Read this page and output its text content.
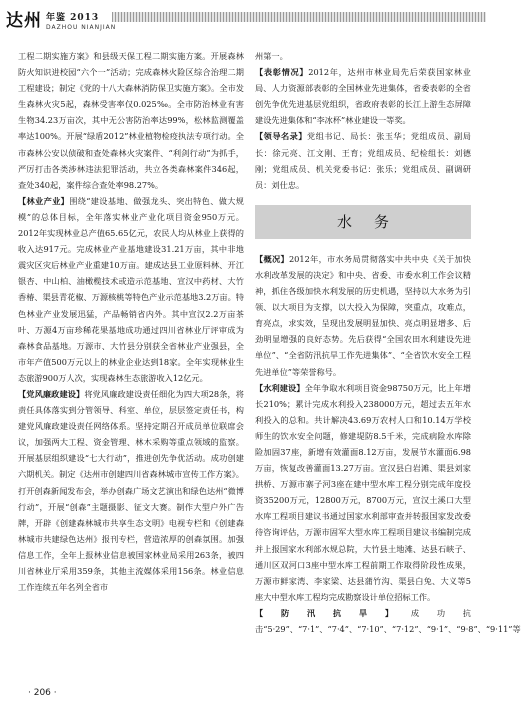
达州 年鉴 2013
DAZHOU NIANJIAN

工程二期实施方案》和县级天保工程二期实施方案。开展森林防火知识进校园“六个一”活动；完成森林火险区综合治理二期工程建设；制定《党的十八大森林消防保卫实施方案》。全市发生森林火灾5起，森林受害率仅0.025‰。全市防治林业有害生物34.23万亩次，其中无公害防治率达99%，松林监测覆盖率达100%。开展“绿盾2012”林业植物检疫执法专项行动。全市森林公安以侦破和查处森林火灾案件、“利剑行动”为抓手，严厉打击各类涉林违法犯罪活动，共立各类森林案件346起，查处340起，案件综合查处率98.27%。

【林业产业】围绕“建设基地、做强龙头、突出特色、做大规模”的总体目标，全年落实林业产业化项目资金950万元。2012年实现林业总产值65.65亿元，农民人均从林业上获得的收入达917元。完成林业产业基地建设31.21万亩，其中非地震灾区灾后林业产业重建10万亩。建成达县工业原料林、开江银杏、中山柏、油橄榄技术或造示范基地、宣汉中药材、大竹香椿、渠县青花椒、万源核桃等特色产业示范基地3.2万亩。特色林业产业发展迅猛，产品畅销省内外。其中宣汉2.2万亩茶叶、万源4万亩珍稀花果基地成功通过四川省林业厅评审成为森林食品基地。万源市、大竹县分别获全省林业产业强县，全市年产值500万元以上的林业企业达到18家。全年实现林业生态旅游900万人次，实现森林生态旅游收入12亿元。

【党风廉政建设】将党风廉政建设责任细化为四大项28条，将责任具体落实到分管领导、科室、单位，层层签定责任书，构建党风廉政建设责任网络体系。坚持定期召开成员单位联席会议，加强两大工程、资金管理、林木采购等重点领域的监察。开展基层组织建设“七大行动”，推进创先争优活动。成功创建六期机关。制定《达州市创建四川省森林城市宣传工作方案》。打开创森新闻发布会，举办创森广场文艺演出和绿色达州“微博行动”，开展“创森”主题摄影、征文大赛。制作大型户外广告牌，开辟《创建森林城市共享生态文明》电视专栏和《创建森林城市共建绿色达州》报刊专栏，营造浓厚的创森氛围。加强信息工作，全年上报林业信息被国家林业局采用263条，被四川省林业厅采用359条，其他主流媒体采用156条。林业信息工作连续五年名列全省市

州第一。

【表彰情况】2012年，达州市林业局先后荣获国家林业局、人力资源部表彰的全国林业先进集体，省委表彰的全省创先争优先进基层党组织，省政府表彰的长江上游生态屏障建设先进集体和“李冰杯”林业建设一等奖。

【领导名录】党组书记、局长：张玉华；党组成员、副局长：徐元亮、江文刚、王育；党组成员、纪检组长：刘德刚；党组成员、机关党委书记：张乐；党组成员、副调研员：刘仕忠。

水务

【概况】2012年，市水务局贯彻落实中共中央《关于加快水利改革发展的决定》和中央、省委、市委水利工作会议精神，抓住各级加快水利发展的历史机遇，坚持以大水务为引领、以大项目为支撑，以大投入为保障，突重点，攻难点，育亮点，求实效，呈现出发展明显加快、亮点明显增多、后劲明显增强的良好态势。先后获得“全国农田水利建设先进单位”、“全省防汛抗旱工作先进集体”、“全省饮水安全工程先进单位”等荣誉称号。

【水利建设】全年争取水利项目资金98750万元，比上年增长210%；累计完成水利投入238000万元，超过去五年水利投入的总和。共计解决43.69万农村人口和10.14万学校师生的饮水安全问题，修建堤防8.5千米，完成病险水库除险加固37座，新增有效灌面8.12万亩，发展节水灌面6.98万亩，恢复改善灌面13.27万亩。宣汉县白岩滩、渠县刘家拱桥、万源市寨子河3座在建中型水库工程分别完成年度投资35200万元，12800万元，8700万元，宣汉土溪口大型水库工程项目建议书通过国家水利部审查并转报国家发改委待咨询评估，万源市固军大型水库工程项目建议书编制完成并上报国家水利部水规总院，大竹县土地滩、达县石峡子、通川区双河口3座中型水库工程前期工作取得阶段性成果，万源市鲜家湾、李家梁、达县蒲竹沟、渠县白兔、大义等5座大中型水库工程均完成勘察设计单位招标工作。

【防汛抗旱】成功抗击“5·29”、“7·1”、“7·4”、“7·10”、“7·12”、“9·1”、“9·8”、“9·11”等

· 206 ·
